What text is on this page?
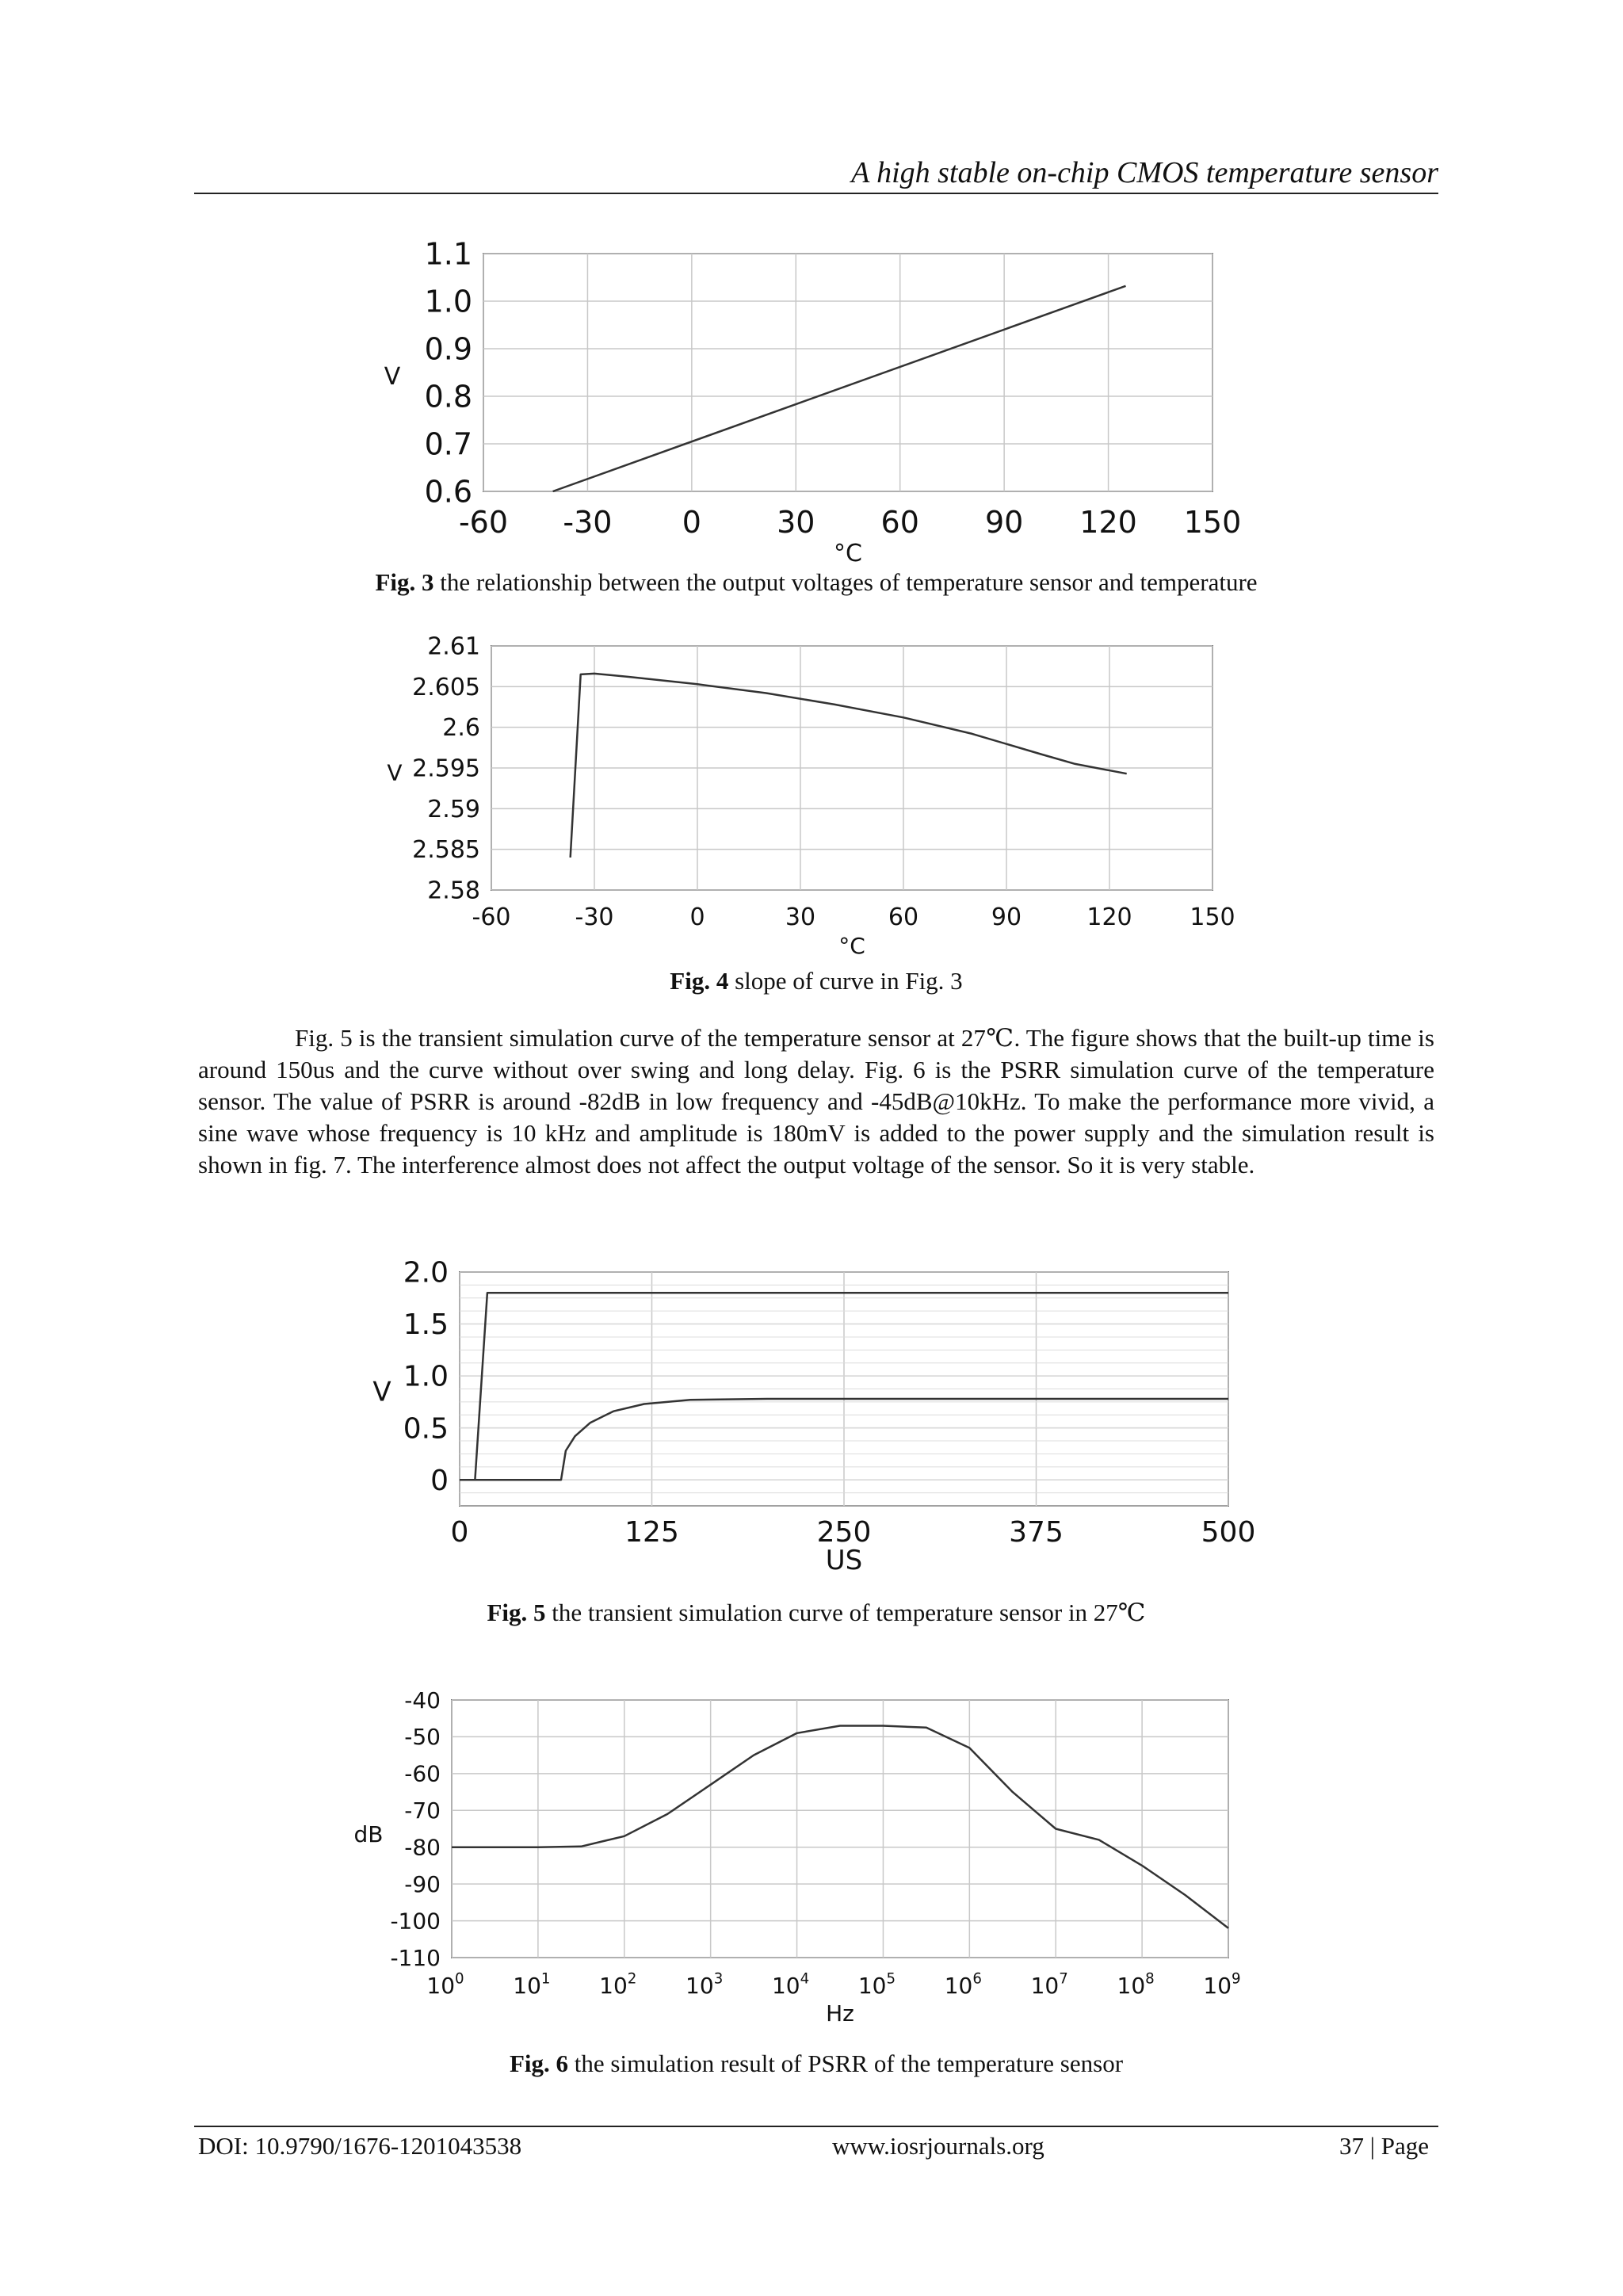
A high stable on-chip CMOS temperature sensor
-60 -30 0	30 60 90 120 150
0.6
0.7
0.8
0.9
1.0
1.1
°C
V
Fig. 3 the relationship between the output voltages of temperature sensor and temperature
-60	-30	0	30	60	90	120 150
2.58
2.585
2.59
2.595
2.6
2.605
2.61
°C
V
Fig. 4 slope of curve in Fig. 3
Fig. 5 is the transient simulation curve of the temperature sensor at 27℃. The figure shows that the built-up time is around 150us and the curve without over swing and long delay. Fig. 6 is the PSRR simulation curve of the temperature sensor. The value of PSRR is around -82dB in low frequency and -45dB@10kHz. To make the performance more vivid, a sine wave whose frequency is 10 kHz and amplitude is 180mV is added to the power supply and the simulation result is shown in fig. 7. The interference almost does not affect the output voltage of the sensor. So it is very stable.
0	125	250	375	500
0
0.5
1.0
1.5
2.0
US
V
Fig. 5 the transient simulation curve of temperature sensor in 27℃
$10^0$ $10^1$ $10^2$ $10^3$ $10^4$ $10^5$ $10^6$ $10^7$ $10^8$ $10^9$
-40
-50
-60
-70
-80
-90
-100
-110
Hz
dB
Fig. 6 the simulation result of PSRR of the temperature sensor
DOI: 10.9790/1676-1201043538	www.iosrjournals.org	37 | Page
